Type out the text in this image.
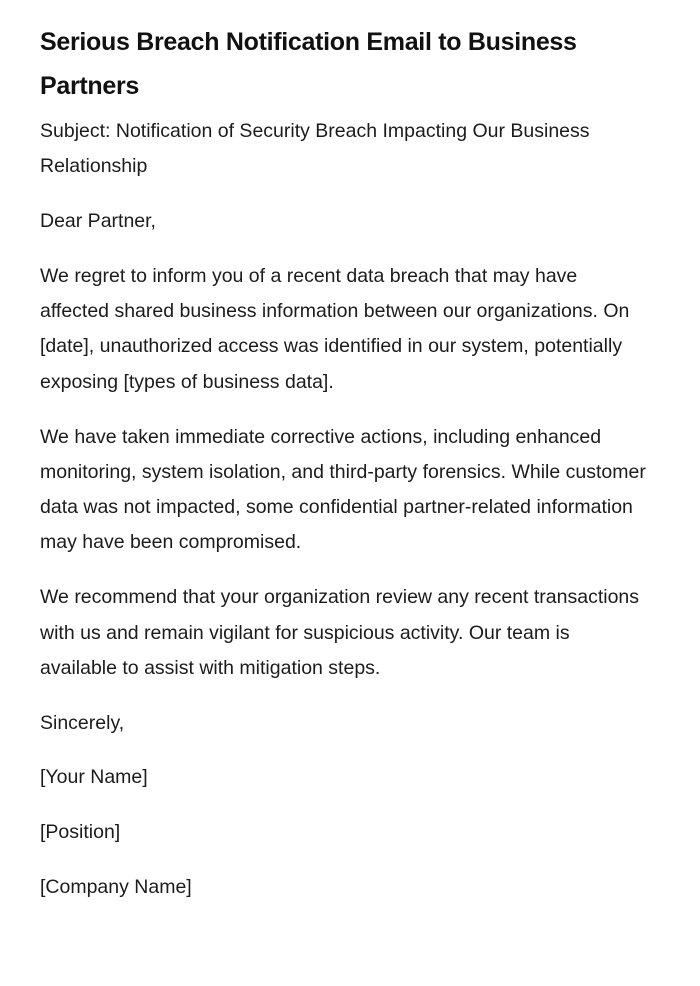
Serious Breach Notification Email to Business Partners

Subject: Notification of Security Breach Impacting Our Business Relationship

Dear Partner,

We regret to inform you of a recent data breach that may have affected shared business information between our organizations. On [date], unauthorized access was identified in our system, potentially exposing [types of business data].

We have taken immediate corrective actions, including enhanced monitoring, system isolation, and third-party forensics. While customer data was not impacted, some confidential partner-related information may have been compromised.

We recommend that your organization review any recent transactions with us and remain vigilant for suspicious activity. Our team is available to assist with mitigation steps.

Sincerely,

[Your Name]

[Position]

[Company Name]
